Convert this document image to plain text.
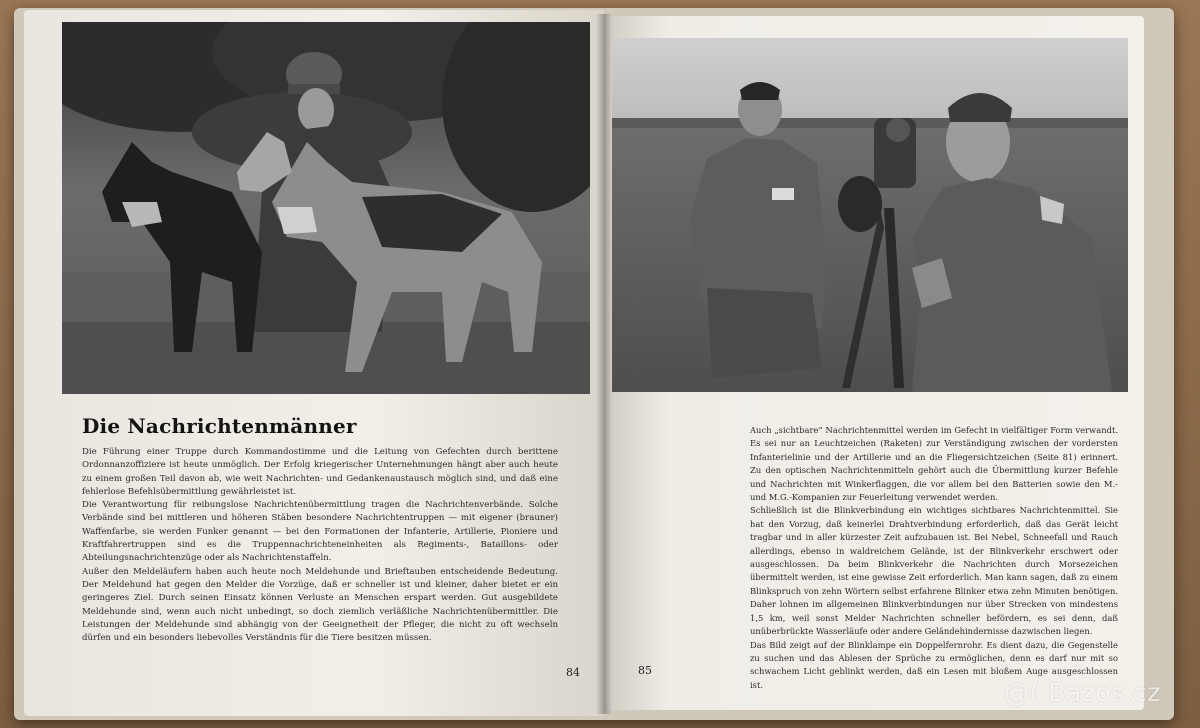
Die Nachrichtenmänner

Die Führung einer Truppe durch Kommandostimme und die Leitung von Gefechten durch berittene Ordonnanzoffiziere ist heute unmöglich. Der Erfolg kriegerischer Unternehmungen hängt aber auch heute zu einem großen Teil davon ab, wie weit Nachrichten- und Gedankenaustausch möglich sind, und daß eine fehlerlose Befehlsübermittlung gewährleistet ist.

Die Verantwortung für reibungslose Nachrichtenübermittlung tragen die Nachrichtenverbände. Solche Verbände sind bei mittleren und höheren Stäben besondere Nachrichtentruppen — mit eigener (brauner) Waffenfarbe, sie werden Funker genannt — bei den Formationen der Infanterie, Artillerie, Pioniere und Kraftfahrertruppen sind es die Truppennachrichteneinheiten als Regiments-, Bataillons- oder Abteilungsnachrichtenzüge oder als Nachrichtenstaffeln.

Außer den Meldeläufern haben auch heute noch Meldehunde und Brieftauben entscheidende Bedeutung. Der Meldehund hat gegen den Melder die Vorzüge, daß er schneller ist und kleiner, daher bietet er ein geringeres Ziel. Durch seinen Einsatz können Verluste an Menschen erspart werden. Gut ausgebildete Meldehunde sind, wenn auch nicht unbedingt, so doch ziemlich verläßliche Nachrichtenübermittler. Die Leistungen der Meldehunde sind abhängig von der Geeignetheit der Pfleger, die nicht zu oft wechseln dürfen und ein besonders liebevolles Verständnis für die Tiere besitzen müssen.

84

Auch „sichtbare“ Nachrichtenmittel werden im Gefecht in vielfältiger Form verwandt. Es sei nur an Leuchtzeichen (Raketen) zur Verständigung zwischen der vordersten Infanterielinie und der Artillerie und an die Fliegersichtzeichen (Seite 81) erinnert. Zu den optischen Nachrichtenmitteln gehört auch die Übermittlung kurzer Befehle und Nachrichten mit Winkerflaggen, die vor allem bei den Batterien sowie den M.- und M.G.-Kompanien zur Feuerleitung verwendet werden.

Schließlich ist die Blinkverbindung ein wichtiges sichtbares Nachrichtenmittel. Sie hat den Vorzug, daß keinerlei Drahtverbindung erforderlich, daß das Gerät leicht tragbar und in aller kürzester Zeit aufzubauen ist. Bei Nebel, Schneefall und Rauch allerdings, ebenso in waldreichem Gelände, ist der Blinkverkehr erschwert oder ausgeschlossen. Da beim Blinkverkehr die Nachrichten durch Morsezeichen übermittelt werden, ist eine gewisse Zeit erforderlich. Man kann sagen, daß zu einem Blinkspruch von zehn Wörtern selbst erfahrene Blinker etwa zehn Minuten benötigen. Daher lohnen im allgemeinen Blinkverbindungen nur über Strecken von mindestens 1,5 km, weil sonst Melder Nachrichten schneller befördern, es sei denn, daß unüberbrückte Wasserläufe oder andere Geländehindernisse dazwischen liegen.

Das Bild zeigt auf der Blinklampe ein Doppelfernrohr. Es dient dazu, die Gegenstelle zu suchen und das Ablesen der Sprüche zu ermöglichen, denn es darf nur mit so schwachem Licht geblinkt werden, daß ein Lesen mit bloßem Auge ausgeschlossen ist.

85
@( Bazos.cz
